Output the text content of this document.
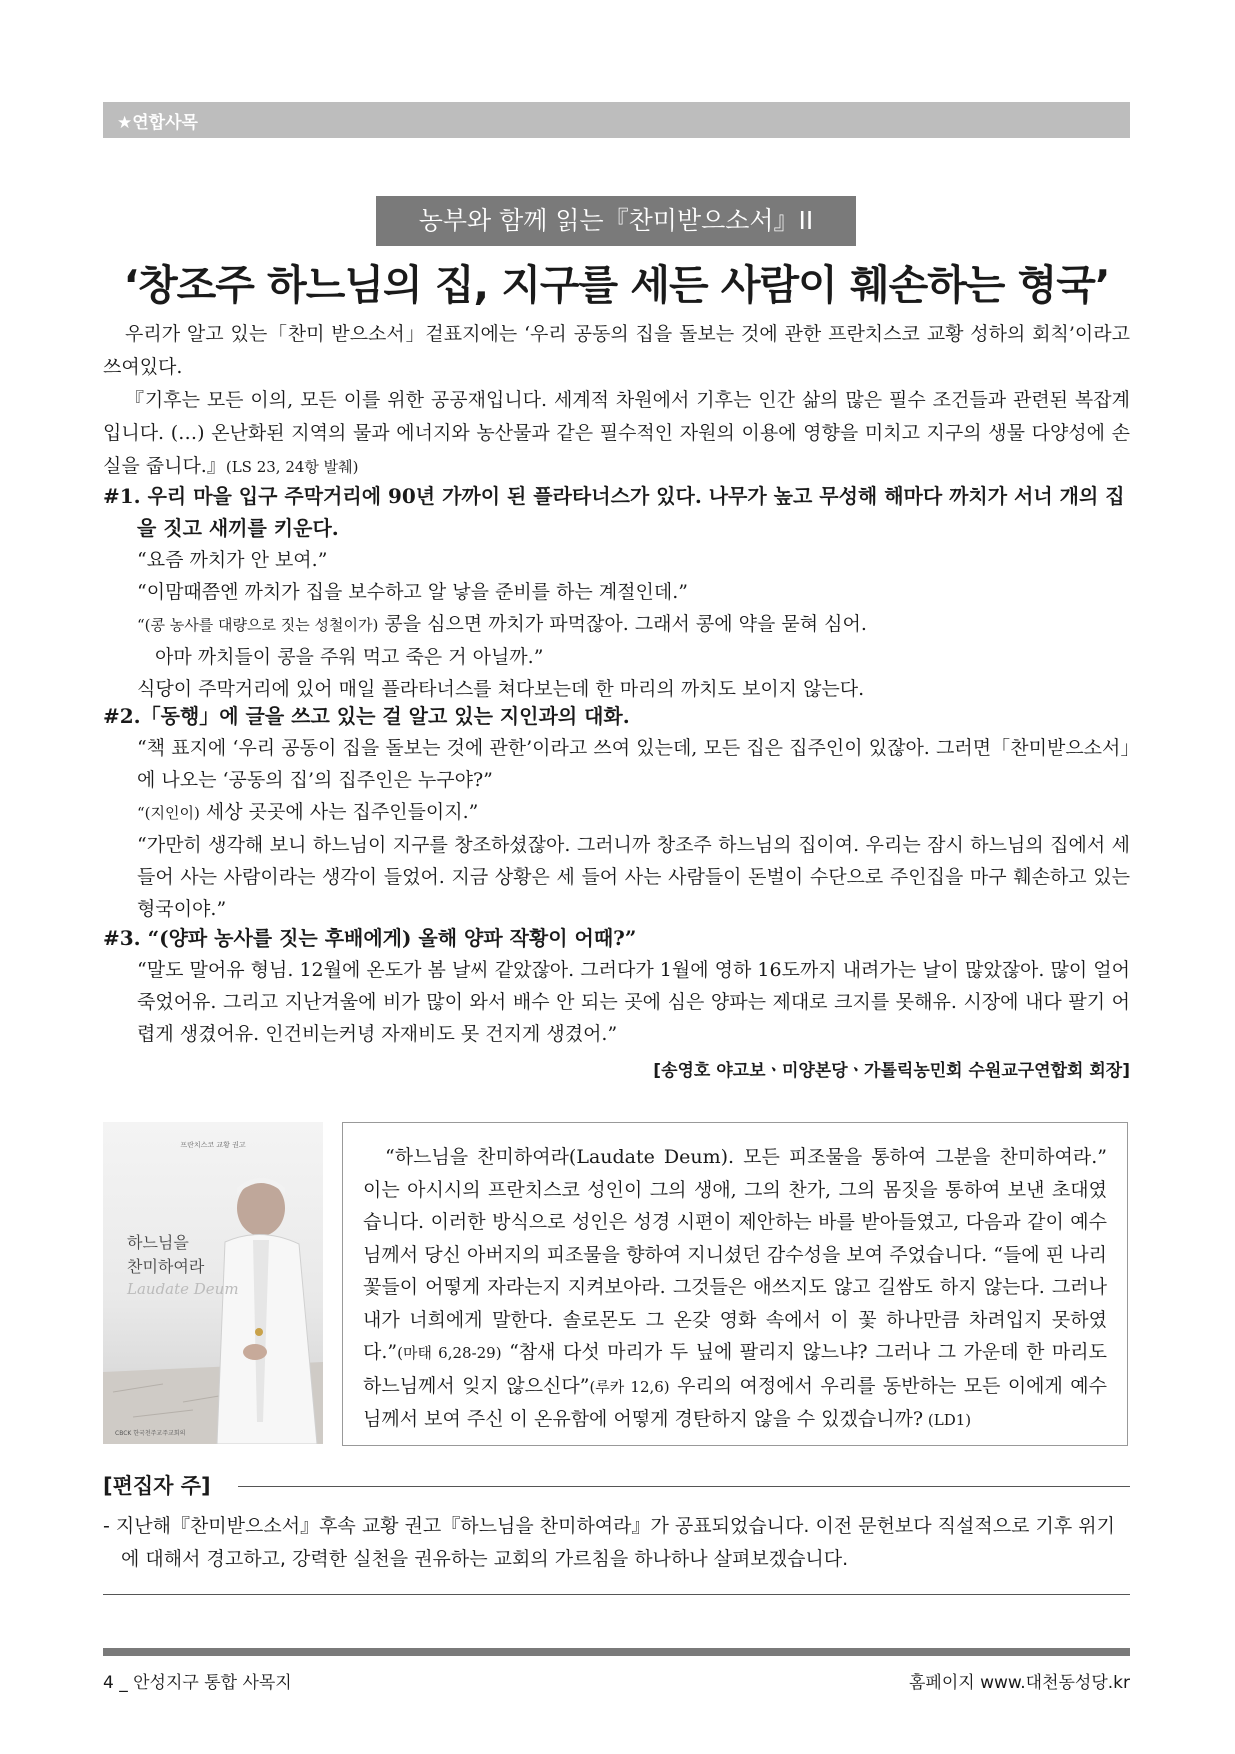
★연합사목
농부와 함께 읽는『찬미받으소서』II
‘창조주 하느님의 집, 지구를 세든 사람이 훼손하는 형국’

우리가 알고 있는「찬미 받으소서」겉표지에는 ‘우리 공동의 집을 돌보는 것에 관한 프란치스코 교황 성하의 회칙’이라고 쓰여있다.

『기후는 모든 이의, 모든 이를 위한 공공재입니다. 세계적 차원에서 기후는 인간 삶의 많은 필수 조건들과 관련된 복잡계입니다. (…) 온난화된 지역의 물과 에너지와 농산물과 같은 필수적인 자원의 이용에 영향을 미치고 지구의 생물 다양성에 손실을 줍니다.』(LS 23, 24항 발췌)

#1. 우리 마을 입구 주막거리에 90년 가까이 된 플라타너스가 있다. 나무가 높고 무성해 해마다 까치가 서너 개의 집을 짓고 새끼를 키운다.

“요즘 까치가 안 보여.”

“이맘때쯤엔 까치가 집을 보수하고 알 낳을 준비를 하는 계절인데.”

“(콩 농사를 대량으로 짓는 성철이가) 콩을 심으면 까치가 파먹잖아. 그래서 콩에 약을 묻혀 심어.

아마 까치들이 콩을 주워 먹고 죽은 거 아닐까.”

식당이 주막거리에 있어 매일 플라타너스를 쳐다보는데 한 마리의 까치도 보이지 않는다.

#2.「동행」에 글을 쓰고 있는 걸 알고 있는 지인과의 대화.

“책 표지에 ‘우리 공동이 집을 돌보는 것에 관한’이라고 쓰여 있는데, 모든 집은 집주인이 있잖아. 그러면「찬미받으소서」에 나오는 ‘공동의 집’의 집주인은 누구야?”

“(지인이) 세상 곳곳에 사는 집주인들이지.”

“가만히 생각해 보니 하느님이 지구를 창조하셨잖아. 그러니까 창조주 하느님의 집이여. 우리는 잠시 하느님의 집에서 세 들어 사는 사람이라는 생각이 들었어. 지금 상황은 세 들어 사는 사람들이 돈벌이 수단으로 주인집을 마구 훼손하고 있는 형국이야.”

#3. “(양파 농사를 짓는 후배에게) 올해 양파 작황이 어때?”

“말도 말어유 형님. 12월에 온도가 봄 날씨 같았잖아. 그러다가 1월에 영하 16도까지 내려가는 날이 많았잖아. 많이 얼어 죽었어유. 그리고 지난겨울에 비가 많이 와서 배수 안 되는 곳에 심은 양파는 제대로 크지를 못해유. 시장에 내다 팔기 어렵게 생겼어유. 인건비는커녕 자재비도 못 건지게 생겼어.”

[송영호 야고보ㆍ미양본당ㆍ가톨릭농민회 수원교구연합회 회장]
프란치스코 교황 권고
하느님을
찬미하여라
Laudate Deum
CBCK 한국천주교주교회의

“하느님을 찬미하여라(Laudate Deum). 모든 피조물을 통하여 그분을 찬미하여라.” 이는 아시시의 프란치스코 성인이 그의 생애, 그의 찬가, 그의 몸짓을 통하여 보낸 초대였습니다. 이러한 방식으로 성인은 성경 시편이 제안하는 바를 받아들였고, 다음과 같이 예수님께서 당신 아버지의 피조물을 향하여 지니셨던 감수성을 보여 주었습니다. “들에 핀 나리꽃들이 어떻게 자라는지 지켜보아라. 그것들은 애쓰지도 않고 길쌈도 하지 않는다. 그러나 내가 너희에게 말한다. 솔로몬도 그 온갖 영화 속에서 이 꽃 하나만큼 차려입지 못하였다.”(마태 6,28-29) “참새 다섯 마리가 두 닢에 팔리지 않느냐? 그러나 그 가운데 한 마리도 하느님께서 잊지 않으신다”(루카 12,6) 우리의 여정에서 우리를 동반하는 모든 이에게 예수님께서 보여 주신 이 온유함에 어떻게 경탄하지 않을 수 있겠습니까? (LD1)

[편집자 주]
- 지난해『찬미받으소서』후속 교황 권고『하느님을 찬미하여라』가 공표되었습니다. 이전 문헌보다 직설적으로 기후 위기에 대해서 경고하고, 강력한 실천을 권유하는 교회의 가르침을 하나하나 살펴보겠습니다.
4 _ 안성지구 통합 사목지	홈페이지 www.대천동성당.kr
